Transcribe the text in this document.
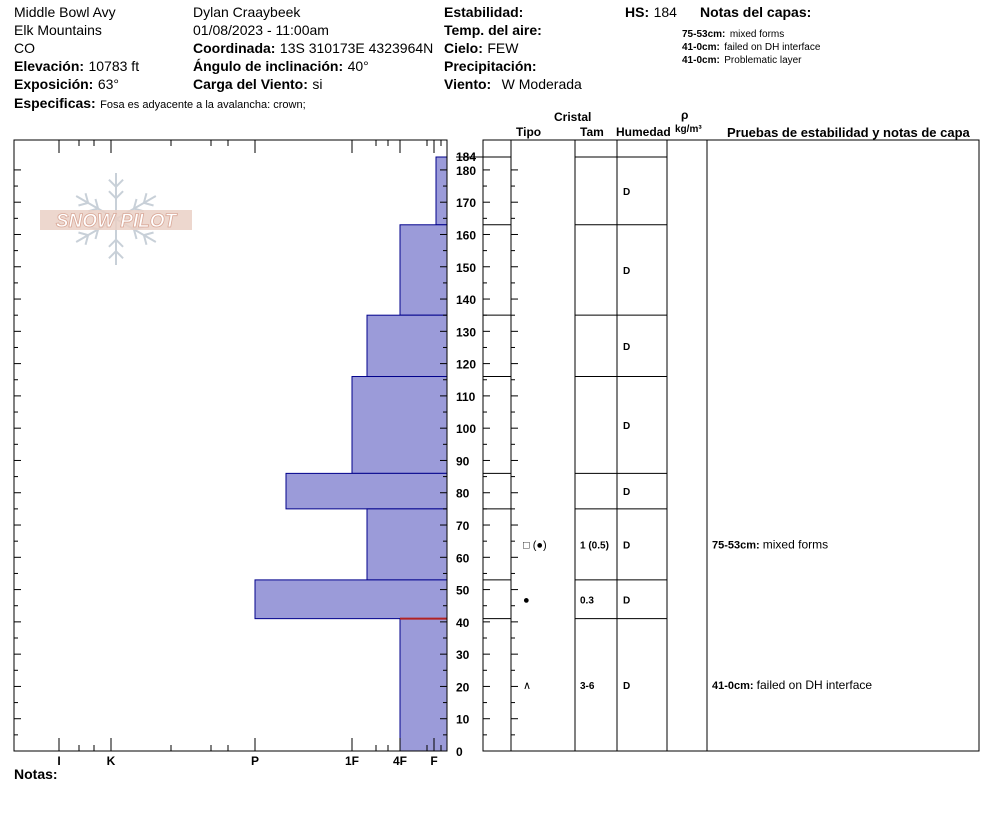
Middle Bowl Avy
Elk Mountains
CO
Elevación: 10783 ft
Exposición: 63°
Especificas: Fosa es adyacente a la avalancha: crown;
Dylan Craaybeek
01/08/2023 - 11:00am
Coordinada: 13S 310173E 4323964N
Ángulo de inclinación: 40°
Carga del Viento: si
Estabilidad:
Temp. del aire:
Cielo: FEW
Precipitación:
Viento: W Moderada
HS: 184 Notas del capas:
75-53cm: mixed forms
41-0cm: failed on DH interface
41-0cm: Problematic layer
Cristal
Tipo	Tam Humedad
ρ
kg/m³ Pruebas de estabilidad y notas de capa
SNOW PILOT
I	K	P	1F	4F F
0
10
20
30
40
50
60
70
80
90
100
110
120
130
140
150
160
170
180
184
D
D
D
D
D
□ (●)	1 (0.5) D
●	0.3	D
∧	3-6	D
75-53cm: mixed forms
41-0cm: failed on DH interface
Notas:
